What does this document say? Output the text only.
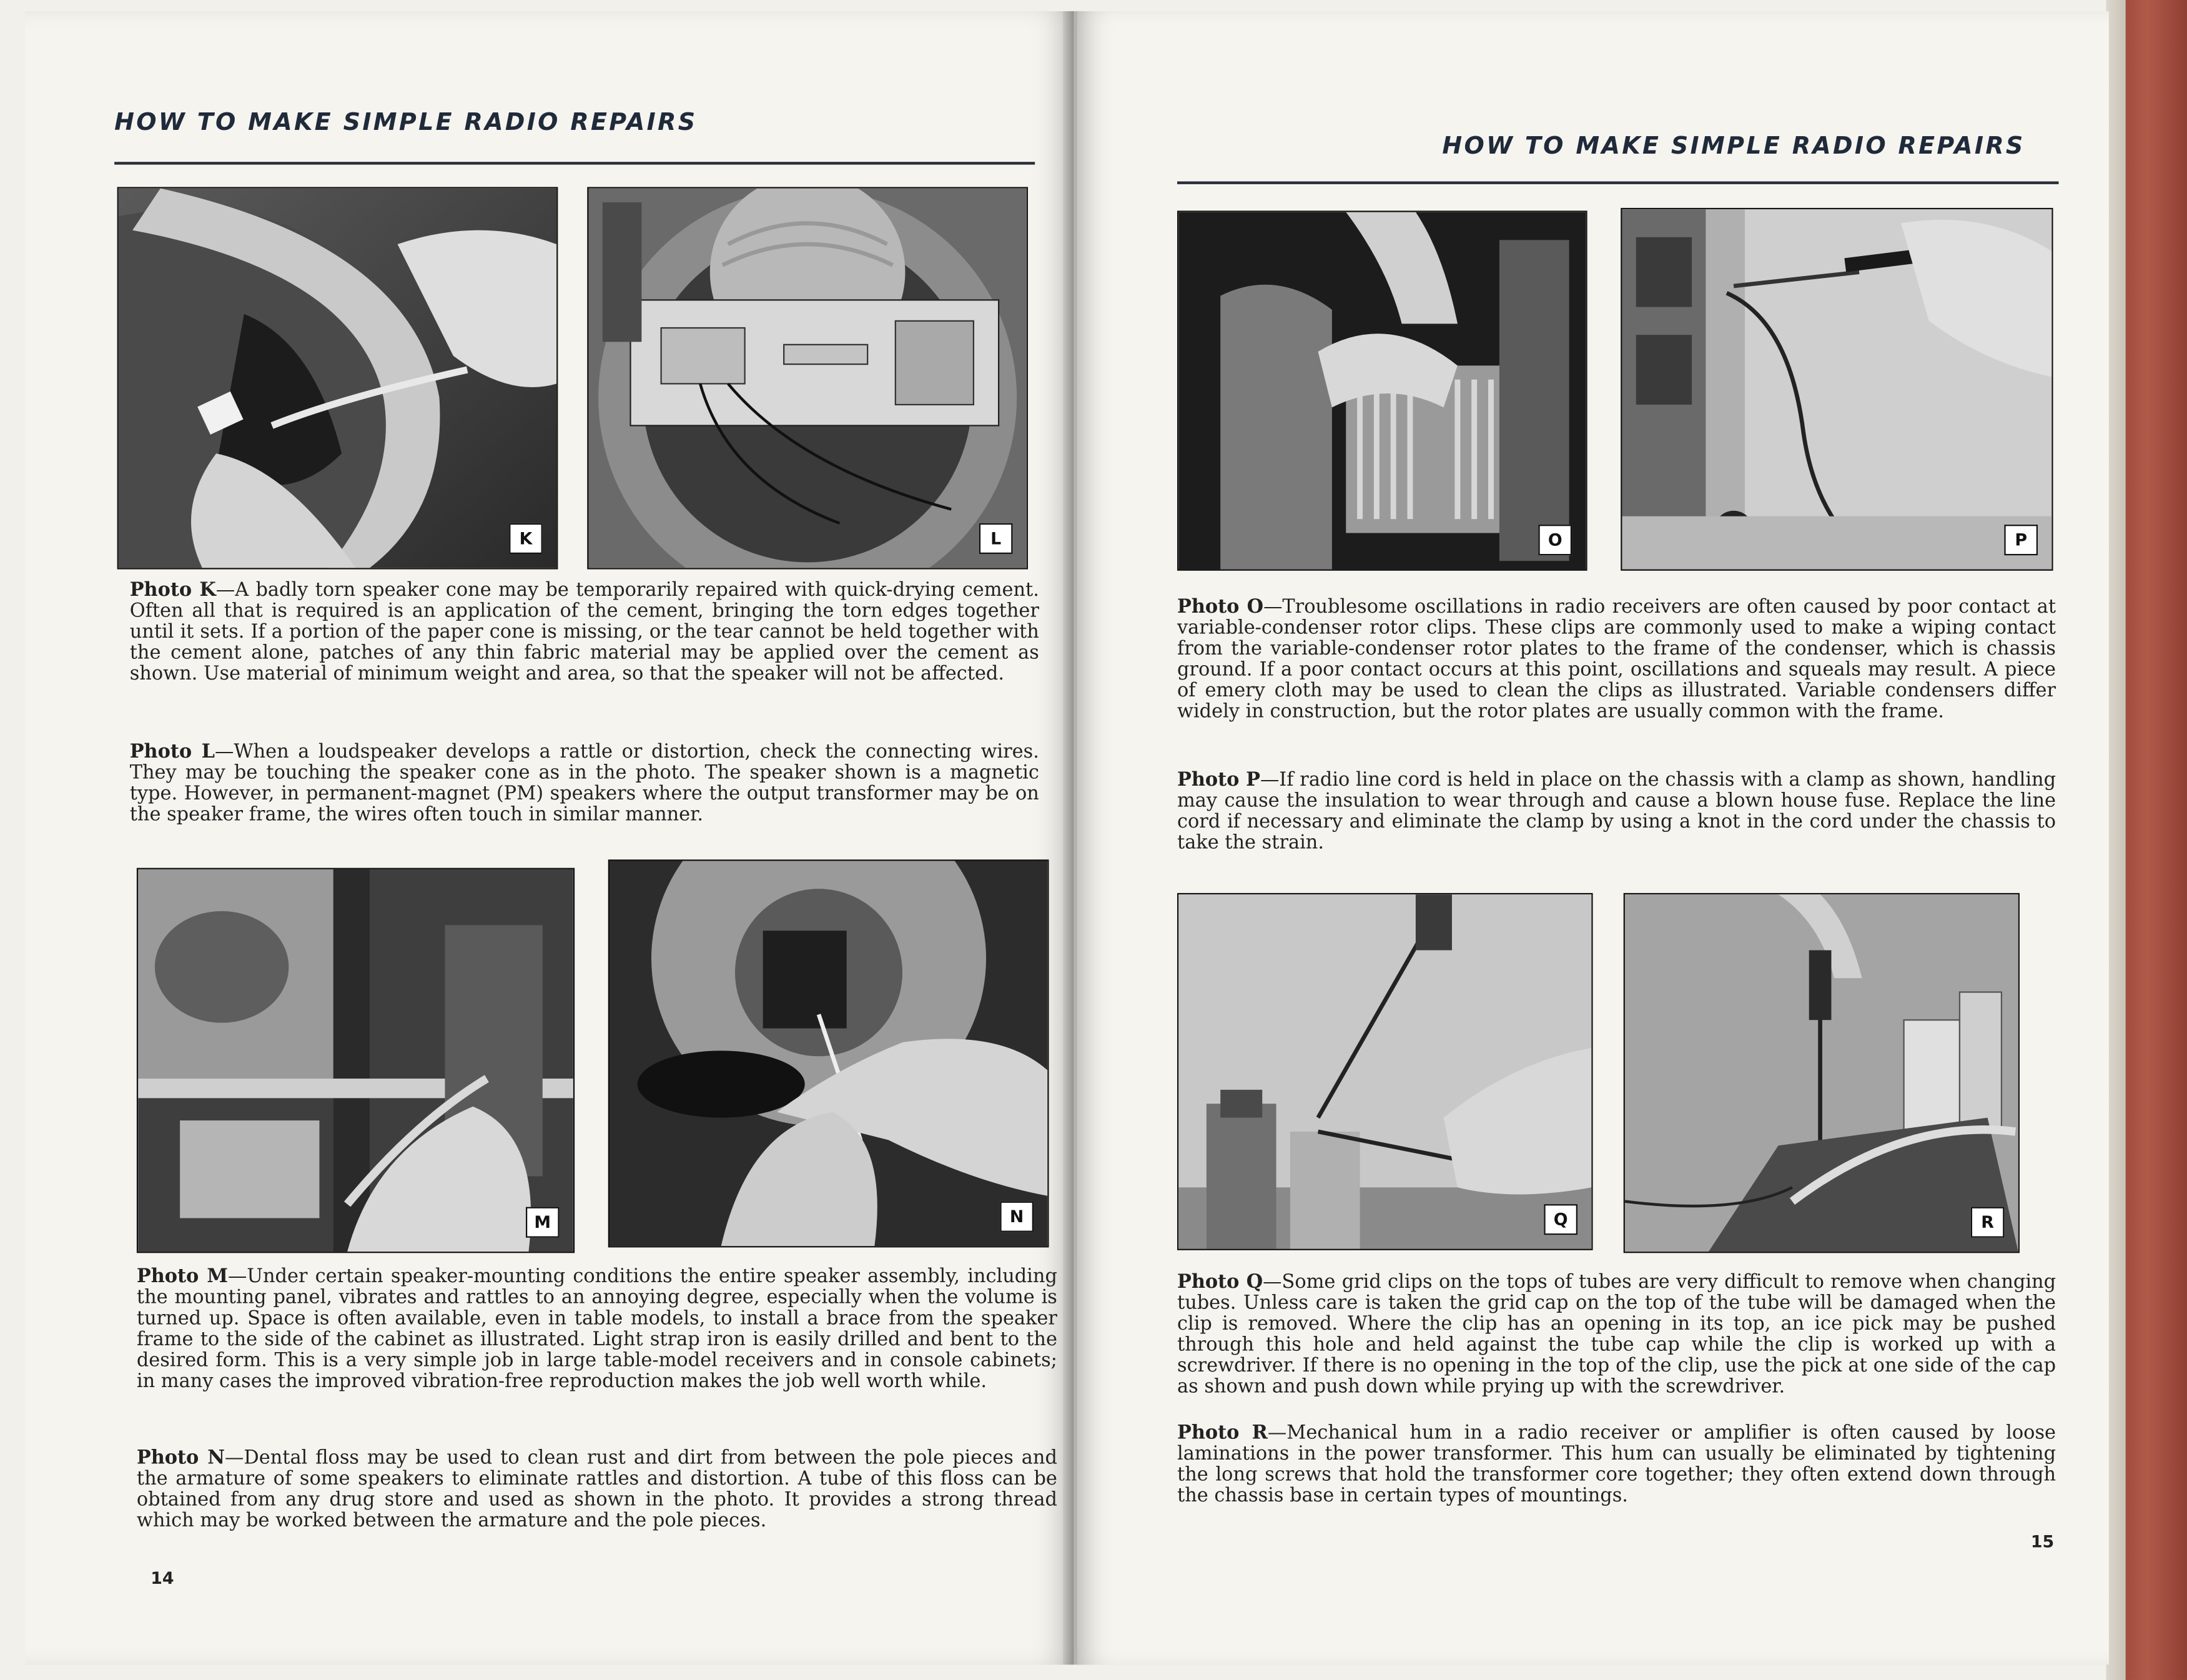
HOW TO MAKE SIMPLE RADIO REPAIRS
K	L
Photo K—A badly torn speaker cone may be temporarily repaired with quick-drying cement. Often all that is required is an application of the cement, bringing the torn edges together until it sets. If a portion of the paper cone is missing, or the tear cannot be held together with the cement alone, patches of any thin fabric material may be applied over the cement as shown. Use material of minimum weight and area, so that the speaker will not be affected.
Photo L—When a loudspeaker develops a rattle or distortion, check the connecting wires. They may be touching the speaker cone as in the photo. The speaker shown is a magnetic type. However, in permanent-magnet (PM) speakers where the output transformer may be on the speaker frame, the wires often touch in similar manner.
M	N
Photo M—Under certain speaker-mounting conditions the entire speaker assembly, including the mounting panel, vibrates and rattles to an annoying degree, especially when the volume is turned up. Space is often available, even in table models, to install a brace from the speaker frame to the side of the cabinet as illustrated. Light strap iron is easily drilled and bent to the desired form. This is a very simple job in large table-model receivers and in console cabinets; in many cases the improved vibration-free reproduction makes the job well worth while.
Photo N—Dental floss may be used to clean rust and dirt from between the pole pieces and the armature of some speakers to eliminate rattles and distortion. A tube of this floss can be obtained from any drug store and used as shown in the photo. It provides a strong thread which may be worked between the armature and the pole pieces.
14
HOW TO MAKE SIMPLE RADIO REPAIRS
O	P
Photo O—Troublesome oscillations in radio receivers are often caused by poor contact at variable-condenser rotor clips. These clips are commonly used to make a wiping contact from the variable-condenser rotor plates to the frame of the condenser, which is chassis ground. If a poor contact occurs at this point, oscillations and squeals may result. A piece of emery cloth may be used to clean the clips as illustrated. Variable condensers differ widely in construction, but the rotor plates are usually common with the frame.
Photo P—If radio line cord is held in place on the chassis with a clamp as shown, handling may cause the insulation to wear through and cause a blown house fuse. Replace the line cord if necessary and eliminate the clamp by using a knot in the cord under the chassis to take the strain.
Q	R
Photo Q—Some grid clips on the tops of tubes are very difficult to remove when changing tubes. Unless care is taken the grid cap on the top of the tube will be damaged when the clip is removed. Where the clip has an opening in its top, an ice pick may be pushed through this hole and held against the tube cap while the clip is worked up with a screwdriver. If there is no opening in the top of the clip, use the pick at one side of the cap as shown and push down while prying up with the screwdriver.
Photo R—Mechanical hum in a radio receiver or amplifier is often caused by loose laminations in the power transformer. This hum can usually be eliminated by tightening the long screws that hold the transformer core together; they often extend down through the chassis base in certain types of mountings.
15
